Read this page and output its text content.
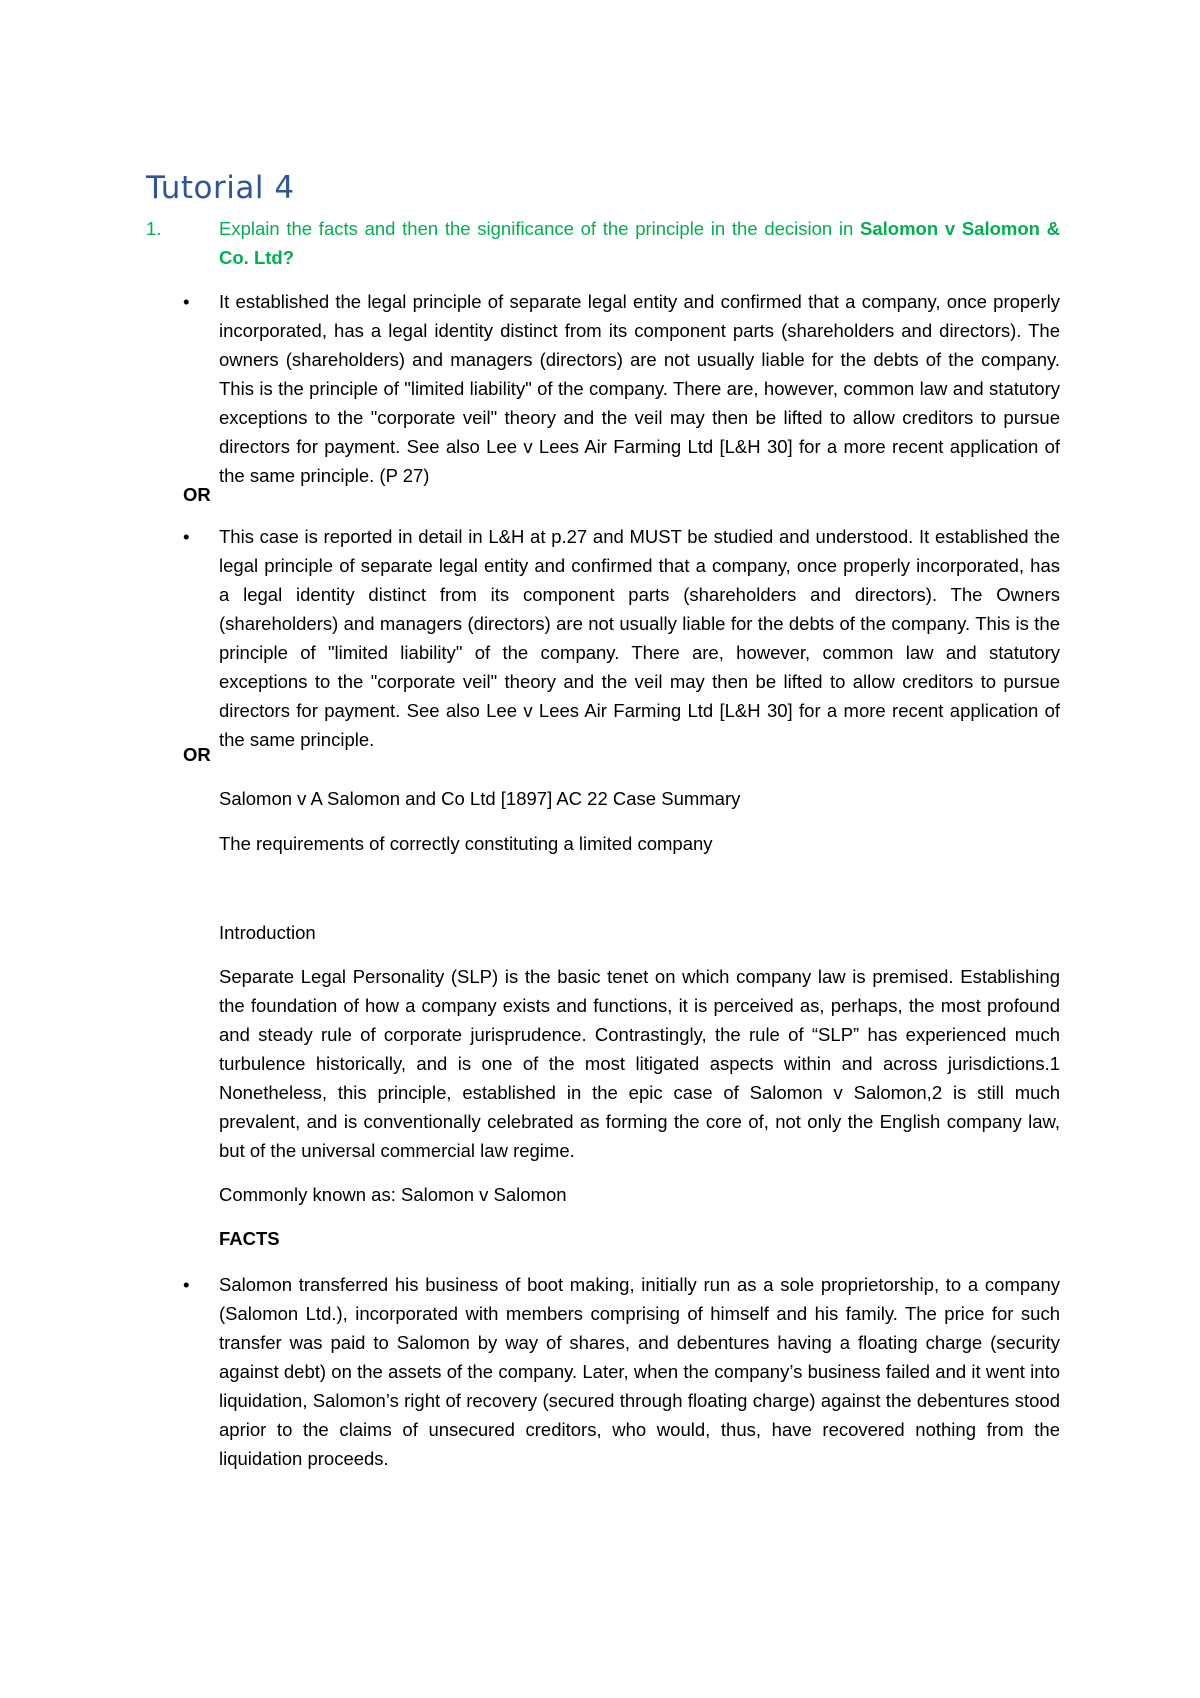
Tutorial 4
1.	Explain the facts and then the significance of the principle in the decision in Salomon v Salomon & Co. Ltd?
• It established the legal principle of separate legal entity and confirmed that a company, once properly incorporated, has a legal identity distinct from its component parts (shareholders and directors). The owners (shareholders) and managers (directors) are not usually liable for the debts of the company. This is the principle of "limited liability" of the company. There are, however, common law and statutory exceptions to the "corporate veil" theory and the veil may then be lifted to allow creditors to pursue directors for payment. See also Lee v Lees Air Farming Ltd [L&H 30] for a more recent application of the same principle. (P 27)
OR
• This case is reported in detail in L&H at p.27 and MUST be studied and understood. It established the legal principle of separate legal entity and confirmed that a company, once properly incorporated, has a legal identity distinct from its component parts (shareholders and directors). The Owners (shareholders) and managers (directors) are not usually liable for the debts of the company. This is the principle of "limited liability" of the company. There are, however, common law and statutory exceptions to the "corporate veil" theory and the veil may then be lifted to allow creditors to pursue directors for payment. See also Lee v Lees Air Farming Ltd [L&H 30] for a more recent application of the same principle.
OR
Salomon v A Salomon and Co Ltd [1897] AC 22 Case Summary
The requirements of correctly constituting a limited company
Introduction
Separate Legal Personality (SLP) is the basic tenet on which company law is premised. Establishing the foundation of how a company exists and functions, it is perceived as, perhaps, the most profound and steady rule of corporate jurisprudence. Contrastingly, the rule of “SLP” has experienced much turbulence historically, and is one of the most litigated aspects within and across jurisdictions.1 Nonetheless, this principle, established in the epic case of Salomon v Salomon,2 is still much prevalent, and is conventionally celebrated as forming the core of, not only the English company law, but of the universal commercial law regime.
Commonly known as: Salomon v Salomon
FACTS
• Salomon transferred his business of boot making, initially run as a sole proprietorship, to a company (Salomon Ltd.), incorporated with members comprising of himself and his family. The price for such transfer was paid to Salomon by way of shares, and debentures having a floating charge (security against debt) on the assets of the company. Later, when the company’s business failed and it went into liquidation, Salomon’s right of recovery (secured through floating charge) against the debentures stood aprior to the claims of unsecured creditors, who would, thus, have recovered nothing from the liquidation proceeds.
